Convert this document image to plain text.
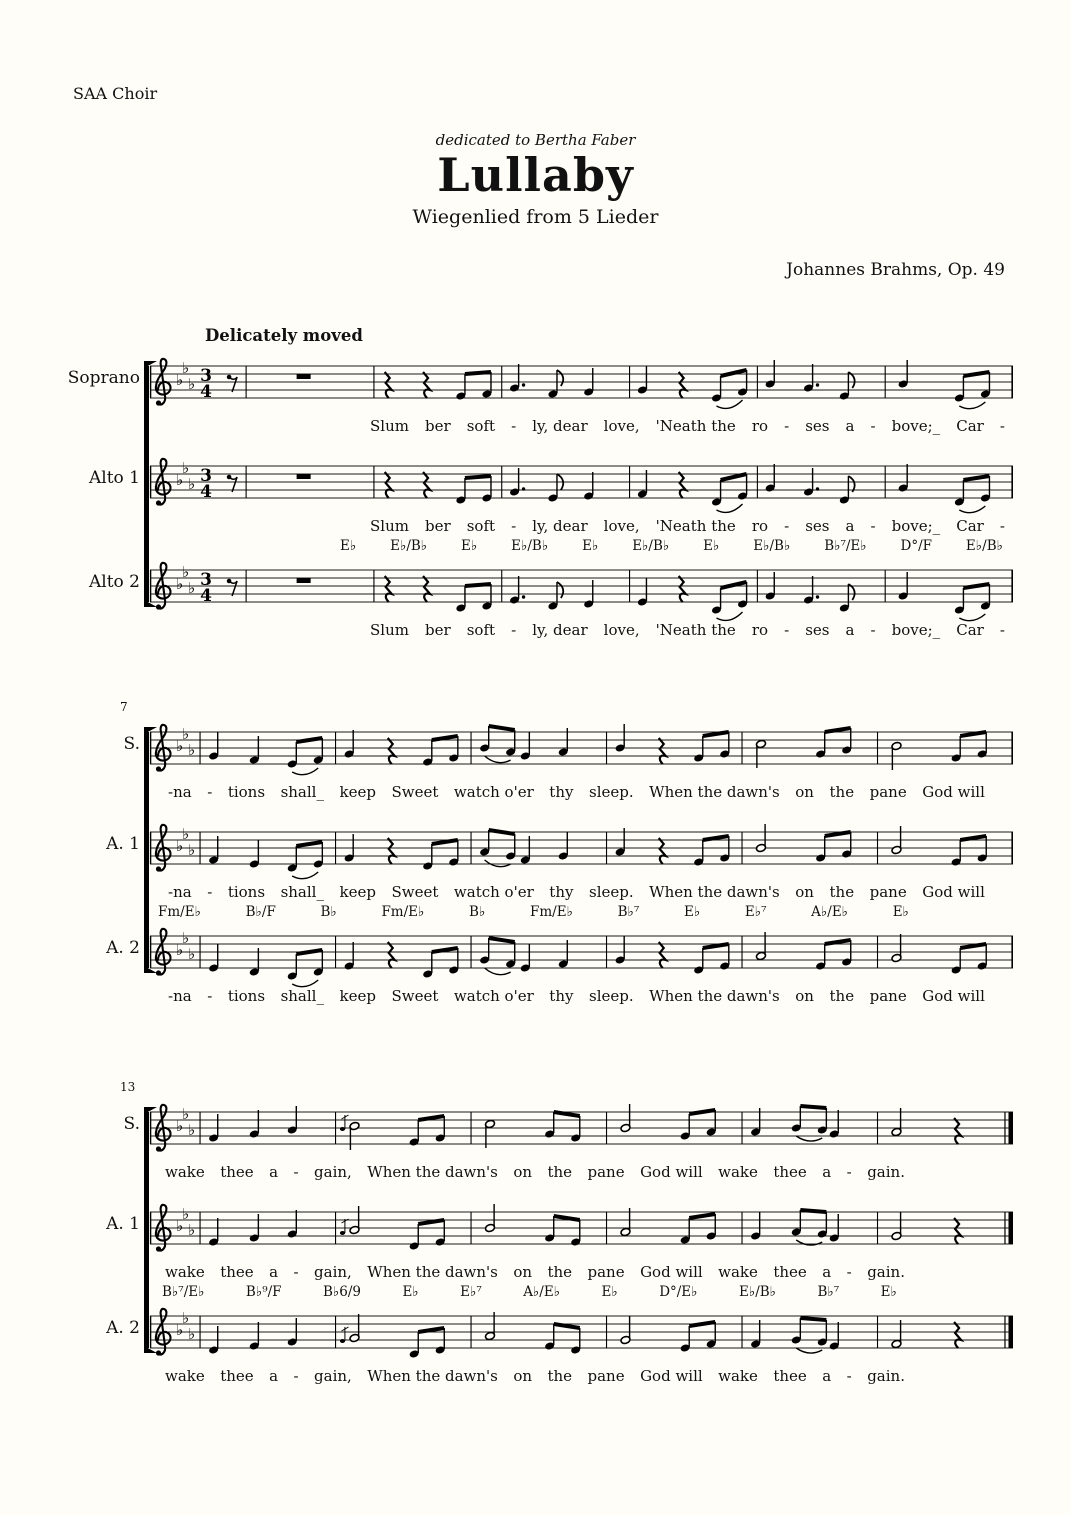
SAA Choir
dedicated to Bertha Faber
Lullaby
Wiegenlied from 5 Lieder
Johannes Brahms, Op. 49
Delicately moved
Soprano	♭
♭
♭ 3
4
Slum ber soft - ly, dear love, 'Neath the ro - ses a - bove;_ Car -
Alto 1	♭
♭
♭ 3
4
Slum ber soft - ly, dear love, 'Neath the ro - ses a - bove;_ Car -
E♭	E♭/B♭	E♭	E♭/B♭	E♭	E♭/B♭	E♭	E♭/B♭	B♭⁷/E♭	D°/F	E♭/B♭
Alto 2	♭
♭
♭ 3
4
Slum ber soft - ly, dear love, 'Neath the ro - ses a - bove;_ Car -
7
S.	♭
♭
♭
-na - tions shall_ keep Sweet watch o'er thy sleep. When the dawn's on the pane God will
A. 1	♭
♭
♭
-na - tions shall_ keep Sweet watch o'er thy sleep. When the dawn's on the pane God will
Fm/E♭	B♭/F	B♭	Fm/E♭	B♭	Fm/E♭	B♭⁷	E♭	E♭⁷	A♭/E♭	E♭
A. 2	♭
♭
♭
-na - tions shall_ keep Sweet watch o'er thy sleep. When the dawn's on the pane God will
13
S.	♭
♭
♭
wake thee a - gain, When the dawn's on the pane God will wake thee a - gain.
A. 1	♭
♭
♭
wake thee a - gain, When the dawn's on the pane God will wake thee a - gain.
B♭⁷/E♭	B♭⁹/F	B♭6/9	E♭	E♭⁷	A♭/E♭	E♭	D°/E♭	E♭/B♭	B♭⁷	E♭
A. 2	♭
♭
♭
wake thee a - gain, When the dawn's on the pane God will wake thee a - gain.
